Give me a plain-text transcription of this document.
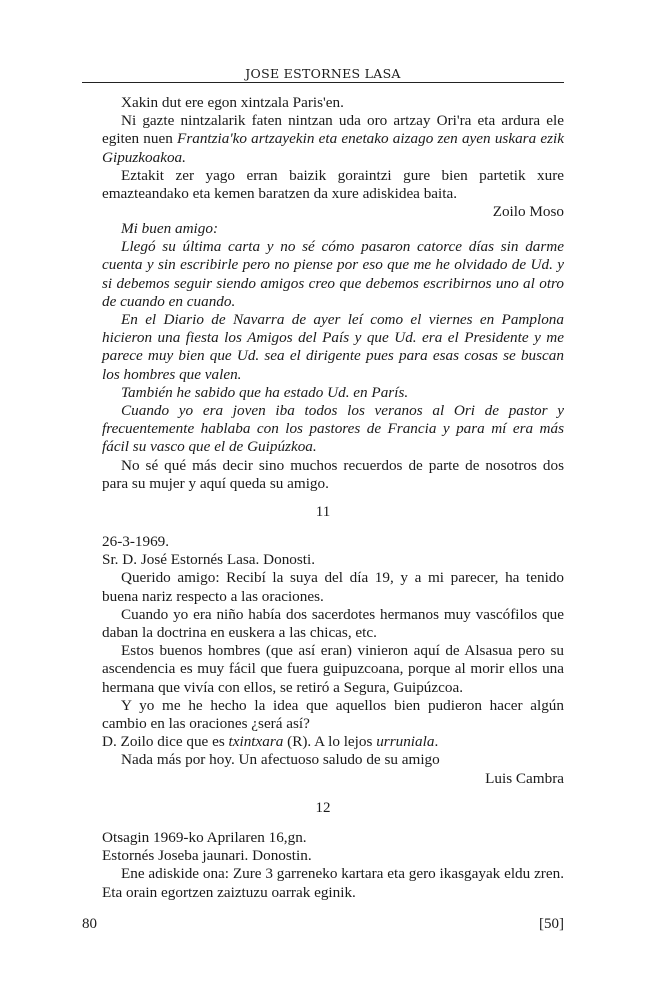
JOSE ESTORNES LASA

Xakin dut ere egon xintzala Paris'en.

Ni gazte nintzalarik faten nintzan uda oro artzay Ori'ra eta ardura ele egiten nuen Frantzia'ko artzayekin eta enetako aizago zen ayen uskara ezik Gipuzkoakoa.

Eztakit zer yago erran baizik goraintzi gure bien partetik xure emazteandako eta kemen baratzen da xure adiskidea baita.

Zoilo Moso

Mi buen amigo:

Llegó su última carta y no sé cómo pasaron catorce días sin darme cuenta y sin escribirle pero no piense por eso que me he olvidado de Ud. y si debemos seguir siendo amigos creo que debemos escribirnos uno al otro de cuando en cuando.

En el Diario de Navarra de ayer leí como el viernes en Pamplona hicieron una fiesta los Amigos del País y que Ud. era el Presidente y me parece muy bien que Ud. sea el dirigente pues para esas cosas se buscan los hombres que valen.

También he sabido que ha estado Ud. en París.

Cuando yo era joven iba todos los veranos al Ori de pastor y frecuentemente hablaba con los pastores de Francia y para mí era más fácil su vasco que el de Guipúzkoa.

No sé qué más decir sino muchos recuerdos de parte de nosotros dos para su mujer y aquí queda su amigo.

11

26-3-1969.

Sr. D. José Estornés Lasa. Donosti.

Querido amigo: Recibí la suya del día 19, y a mi parecer, ha tenido buena nariz respecto a las oraciones.

Cuando yo era niño había dos sacerdotes hermanos muy vascófilos que daban la doctrina en euskera a las chicas, etc.

Estos buenos hombres (que así eran) vinieron aquí de Alsasua pero su ascendencia es muy fácil que fuera guipuzcoana, porque al morir ellos una hermana que vivía con ellos, se retiró a Segura, Guipúzcoa.

Y yo me he hecho la idea que aquellos bien pudieron hacer algún cambio en las oraciones ¿será así?

D. Zoilo dice que es txintxara (R). A lo lejos urruniala.

Nada más por hoy. Un afectuoso saludo de su amigo

Luis Cambra

12

Otsagin 1969-ko Aprilaren 16,gn.

Estornés Joseba jaunari. Donostin.

Ene adiskide ona: Zure 3 garreneko kartara eta gero ikasgayak eldu zren. Eta orain egortzen zaiztuzu oarrak eginik.

80	[50]
